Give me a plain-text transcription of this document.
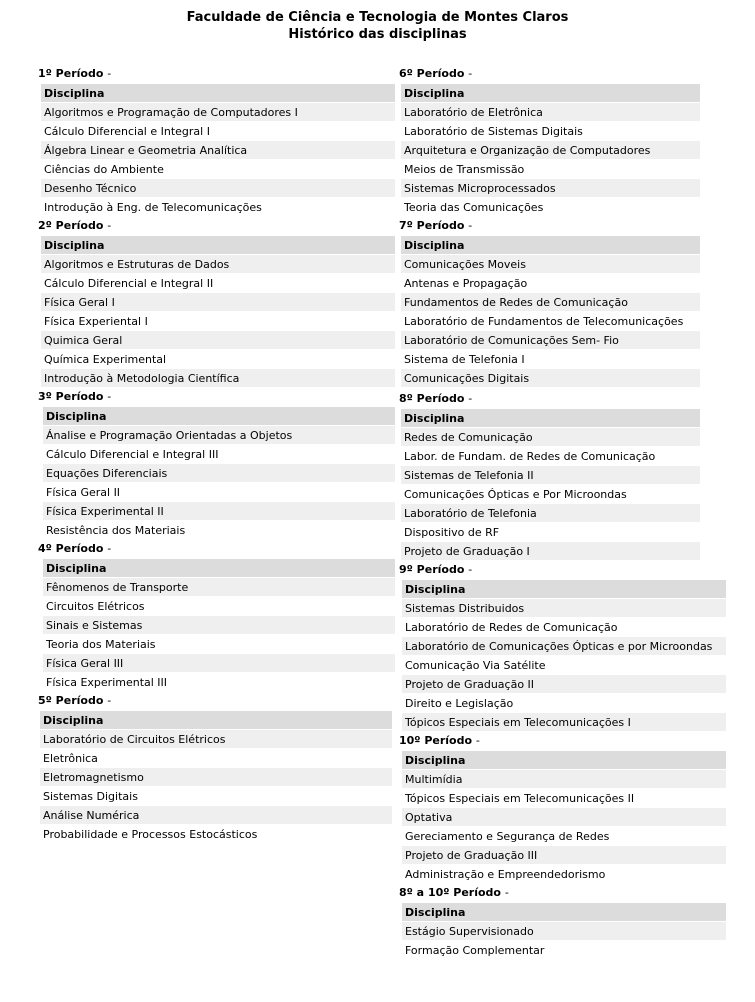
Faculdade de Ciência e Tecnologia de Montes Claros
Histórico das disciplinas
1º Período -
Disciplina
Algoritmos e Programação de Computadores I
Cálculo Diferencial e Integral I
Álgebra Linear e Geometria Analítica
Ciências do Ambiente
Desenho Técnico
Introdução à Eng. de Telecomunicações
2º Período -
Disciplina
Algoritmos e Estruturas de Dados
Cálculo Diferencial e Integral II
Física Geral I
Física Experiental I
Quimica Geral
Química Experimental
Introdução à Metodologia Científica
3º Período -
Disciplina
Ánalise e Programação Orientadas a Objetos
Cálculo Diferencial e Integral III
Equações Diferenciais
Física Geral II
Física Experimental II
Resistência dos Materiais
4º Período -
Disciplina
Fênomenos de Transporte
Circuitos Elétricos
Sinais e Sistemas
Teoria dos Materiais
Física Geral III
Física Experimental III
5º Período -
Disciplina
Laboratório de Circuitos Elétricos
Eletrônica
Eletromagnetismo
Sistemas Digitais
Análise Numérica
Probabilidade e Processos Estocásticos
6º Período -
Disciplina
Laboratório de Eletrônica
Laboratório de Sistemas Digitais
Arquitetura e Organização de Computadores
Meios de Transmissão
Sistemas Microprocessados
Teoria das Comunicações
7º Período -
Disciplina
Comunicações Moveis
Antenas e Propagação
Fundamentos de Redes de Comunicação
Laboratório de Fundamentos de Telecomunicações
Laboratório de Comunicações Sem- Fio
Sistema de Telefonia I
Comunicações Digitais
8º Período -
Disciplina
Redes de Comunicação
Labor. de Fundam. de Redes de Comunicação
Sistemas de Telefonia II
Comunicações Ópticas e Por Microondas
Laboratório de Telefonia
Dispositivo de RF
Projeto de Graduação I
9º Período -
Disciplina
Sistemas Distribuidos
Laboratório de Redes de Comunicação
Laboratório de Comunicações Ópticas e por Microondas
Comunicação Via Satélite
Projeto de Graduação II
Direito e Legislação
Tópicos Especiais em Telecomunicações I
10º Período -
Disciplina
Multimídia
Tópicos Especiais em Telecomunicações II
Optativa
Gereciamento e Segurança de Redes
Projeto de Graduação III
Administração e Empreendedorismo
8º a 10º Período -
Disciplina
Estágio Supervisionado
Formação Complementar
